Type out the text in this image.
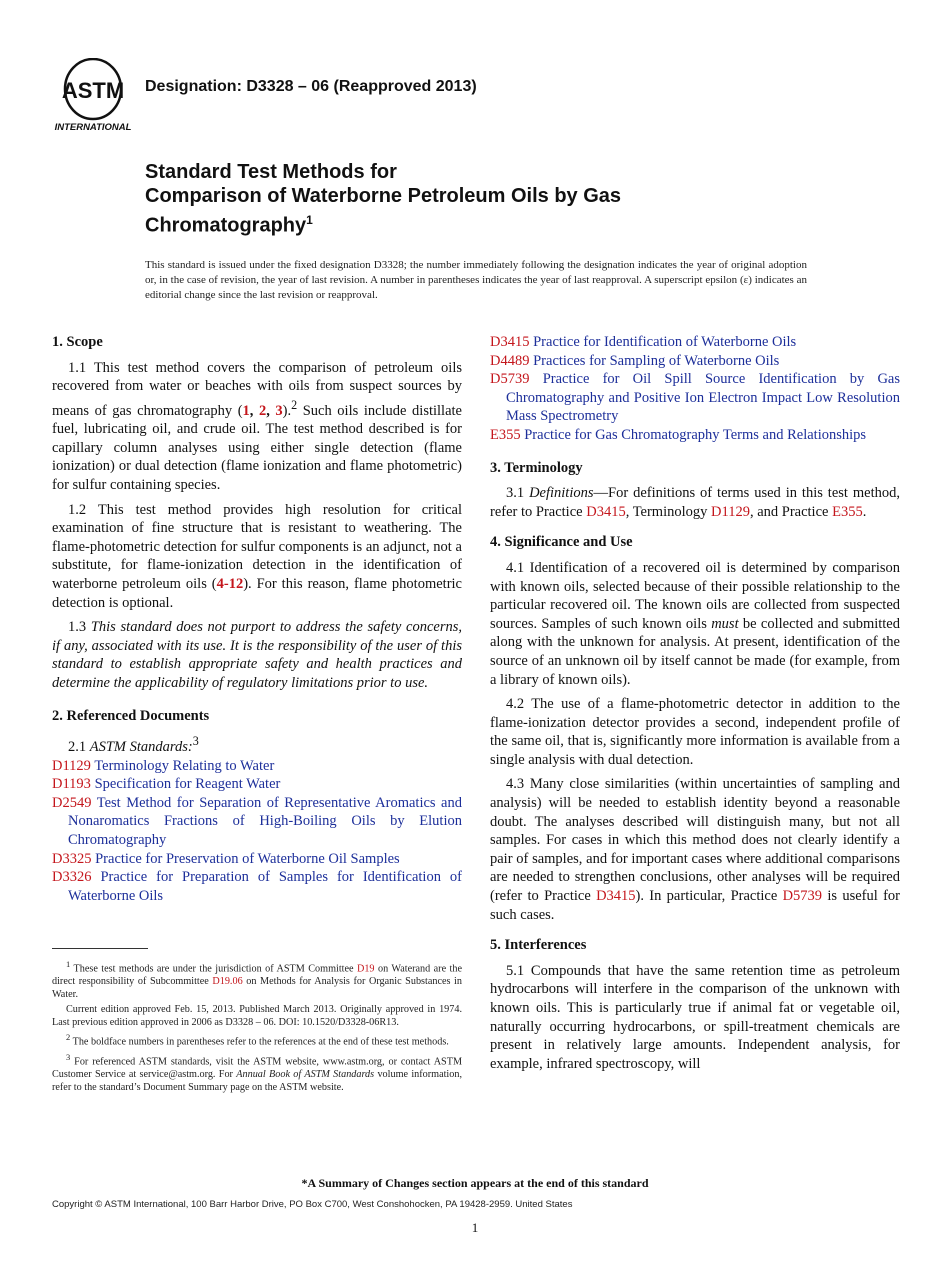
ASTM
INTERNATIONAL
Designation: D3328 – 06 (Reapproved 2013)
Standard Test Methods for
Comparison of Waterborne Petroleum Oils by Gas
Chromatography$^1$
This standard is issued under the fixed designation D3328; the number immediately following the designation indicates the year of original adoption or, in the case of revision, the year of last revision. A number in parentheses indicates the year of last reapproval. A superscript epsilon (ε) indicates an editorial change since the last revision or reapproval.
1. Scope

1.1 This test method covers the comparison of petroleum oils recovered from water or beaches with oils from suspect sources by means of gas chromatography (1, 2, 3).$^2$ Such oils include distillate fuel, lubricating oil, and crude oil. The test method described is for capillary column analyses using either single detection (flame ionization) or dual detection (flame ionization and flame photometric) for sulfur containing species.

1.2 This test method provides high resolution for critical examination of fine structure that is resistant to weathering. The flame-photometric detection for sulfur components is an adjunct, not a substitute, for flame-ionization detection in the identification of waterborne petroleum oils (4-12). For this reason, flame photometric detection is optional.

1.3 This standard does not purport to address the safety concerns, if any, associated with its use. It is the responsibility of the user of this standard to establish appropriate safety and health practices and determine the applicability of regulatory limitations prior to use.

2. Referenced Documents
2.1 ASTM Standards:$^3$
D1129 Terminology Relating to Water
D1193 Specification for Reagent Water
D2549 Test Method for Separation of Representative Aromatics and Nonaromatics Fractions of High-Boiling Oils by Elution Chromatography
D3325 Practice for Preservation of Waterborne Oil Samples
D3326 Practice for Preparation of Samples for Identification of Waterborne Oils

$^1$ These test methods are under the jurisdiction of ASTM Committee D19 on Waterand are the direct responsibility of Subcommittee D19.06 on Methods for Analysis for Organic Substances in Water.

Current edition approved Feb. 15, 2013. Published March 2013. Originally approved in 1974. Last previous edition approved in 2006 as D3328 – 06. DOI: 10.1520/D3328-06R13.

$^2$ The boldface numbers in parentheses refer to the references at the end of these test methods.

$^3$ For referenced ASTM standards, visit the ASTM website, www.astm.org, or contact ASTM Customer Service at service@astm.org. For Annual Book of ASTM Standards volume information, refer to the standard’s Document Summary page on the ASTM website.

D3415 Practice for Identification of Waterborne Oils
D4489 Practices for Sampling of Waterborne Oils
D5739 Practice for Oil Spill Source Identification by Gas Chromatography and Positive Ion Electron Impact Low Resolution Mass Spectrometry
E355 Practice for Gas Chromatography Terms and Relationships
3. Terminology

3.1 Definitions—For definitions of terms used in this test method, refer to Practice D3415, Terminology D1129, and Practice E355.

4. Significance and Use

4.1 Identification of a recovered oil is determined by comparison with known oils, selected because of their possible relationship to the particular recovered oil. The known oils are collected from suspected sources. Samples of such known oils must be collected and submitted along with the unknown for analysis. At present, identification of the source of an unknown oil by itself cannot be made (for example, from a library of known oils).

4.2 The use of a flame-photometric detector in addition to the flame-ionization detector provides a second, independent profile of the same oil, that is, significantly more information is available from a single analysis with dual detection.

4.3 Many close similarities (within uncertainties of sampling and analysis) will be needed to establish identity beyond a reasonable doubt. The analyses described will distinguish many, but not all samples. For cases in which this method does not clearly identify a pair of samples, and for important cases where additional comparisons are needed to strengthen conclusions, other analyses will be required (refer to Practice D3415). In particular, Practice D5739 is useful for such cases.

5. Interferences

5.1 Compounds that have the same retention time as petroleum hydrocarbons will interfere in the comparison of the unknown with known oils. This is particularly true if animal fat or vegetable oil, naturally occurring hydrocarbons, or spill-treatment chemicals are present in relatively large amounts. Independent analysis, for example, infrared spectroscopy, will

*A Summary of Changes section appears at the end of this standard
Copyright © ASTM International, 100 Barr Harbor Drive, PO Box C700, West Conshohocken, PA 19428-2959. United States
1
